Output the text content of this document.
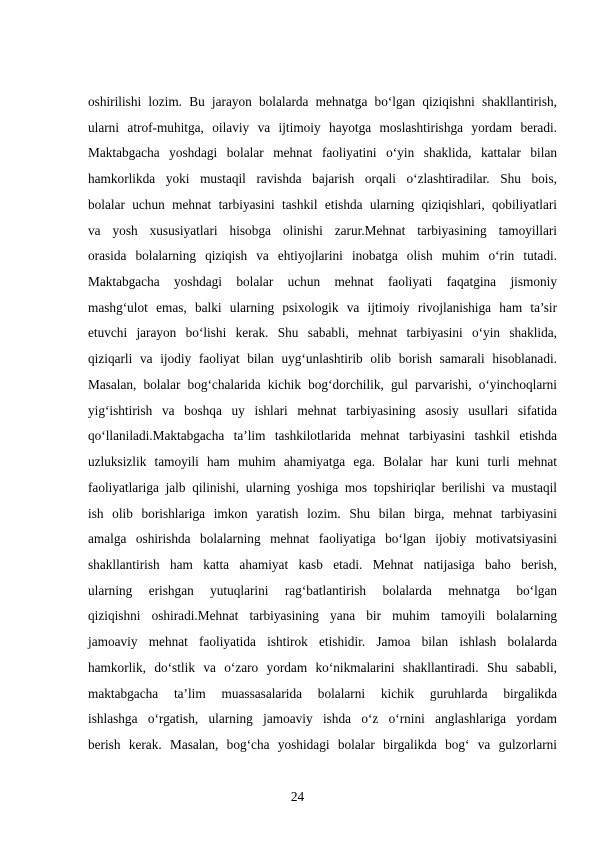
oshirilishi lozim. Bu jarayon bolalarda mehnatga bo‘lgan qiziqishni shakllantirish,
ularni atrof-muhitga, oilaviy va ijtimoiy hayotga moslashtirishga yordam beradi.
Maktabgacha yoshdagi bolalar mehnat faoliyatini o‘yin shaklida, kattalar bilan
hamkorlikda yoki mustaqil ravishda bajarish orqali o‘zlashtiradilar. Shu bois,
bolalar uchun mehnat tarbiyasini tashkil etishda ularning qiziqishlari, qobiliyatlari
va yosh xususiyatlari hisobga olinishi zarur.Mehnat tarbiyasining tamoyillari
orasida bolalarning qiziqish va ehtiyojlarini inobatga olish muhim o‘rin tutadi.
Maktabgacha yoshdagi bolalar uchun mehnat faoliyati faqatgina jismoniy
mashg‘ulot emas, balki ularning psixologik va ijtimoiy rivojlanishiga ham ta’sir
etuvchi jarayon bo‘lishi kerak. Shu sababli, mehnat tarbiyasini o‘yin shaklida,
qiziqarli va ijodiy faoliyat bilan uyg‘unlashtirib olib borish samarali hisoblanadi.
Masalan, bolalar bog‘chalarida kichik bog‘dorchilik, gul parvarishi, o‘yinchoqlarni
yig‘ishtirish va boshqa uy ishlari mehnat tarbiyasining asosiy usullari sifatida
qo‘llaniladi.Maktabgacha ta’lim tashkilotlarida mehnat tarbiyasini tashkil etishda
uzluksizlik tamoyili ham muhim ahamiyatga ega. Bolalar har kuni turli mehnat
faoliyatlariga jalb qilinishi, ularning yoshiga mos topshiriqlar berilishi va mustaqil
ish olib borishlariga imkon yaratish lozim. Shu bilan birga, mehnat tarbiyasini
amalga oshirishda bolalarning mehnat faoliyatiga bo‘lgan ijobiy motivatsiyasini
shakllantirish ham katta ahamiyat kasb etadi. Mehnat natijasiga baho berish,
ularning erishgan yutuqlarini rag‘batlantirish bolalarda mehnatga bo‘lgan
qiziqishni oshiradi.Mehnat tarbiyasining yana bir muhim tamoyili bolalarning
jamoaviy mehnat faoliyatida ishtirok etishidir. Jamoa bilan ishlash bolalarda
hamkorlik, do‘stlik va o‘zaro yordam ko‘nikmalarini shakllantiradi. Shu sababli,
maktabgacha ta’lim muassasalarida bolalarni kichik guruhlarda birgalikda
ishlashga o‘rgatish, ularning jamoaviy ishda o‘z o‘rnini anglashlariga yordam
berish kerak. Masalan, bog‘cha yoshidagi bolalar birgalikda bog‘ va gulzorlarni
24
